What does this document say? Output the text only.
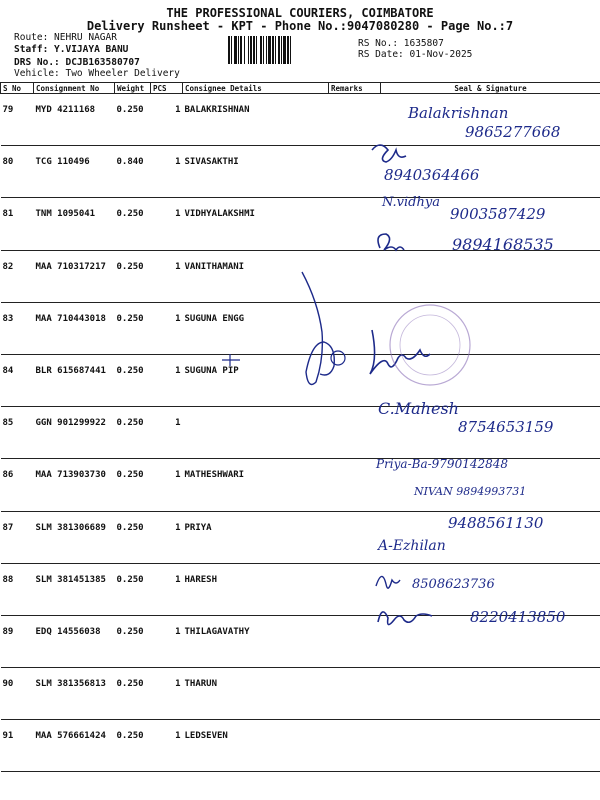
THE PROFESSIONAL COURIERS, COIMBATORE
Delivery Runsheet - KPT - Phone No.:9047080280 - Page No.:7
Route: NEHRU NAGAR
Staff: Y.VIJAYA BANU
DRS No.: DCJB163580707
Vehicle: Two Wheeler Delivery
RS No.: 1635807
RS Date: 01-Nov-2025
S No	Consignment No	Weight	PCS	Consignee Details	Remarks	Seal & Signature
79	MYD 4211168	0.250	1	BALAKRISHNAN		
80	TCG 110496	0.840	1	SIVASAKTHI		
81	TNM 1095041	0.250	1	VIDHYALAKSHMI		
82	MAA 710317217	0.250	1	VANITHAMANI		
83	MAA 710443018	0.250	1	SUGUNA ENGG		
84	BLR 615687441	0.250	1	SUGUNA PIP		
85	GGN 901299922	0.250	1			
86	MAA 713903730	0.250	1	MATHESHWARI		
87	SLM 381306689	0.250	1	PRIYA		
88	SLM 381451385	0.250	1	HARESH		
89	EDQ 14556038	0.250	1	THILAGAVATHY		
90	SLM 381356813	0.250	1	THARUN		
91	MAA 576661424	0.250	1	LEDSEVEN		
Balakrishnan
9865277668
8940364466
N.vidhya
9003587429
9894168535
C.Mahesh
8754653159
Priya-Ba-9790142848
NIVAN 9894993731
9488561130
A-Ezhilan
8508623736
8220413850
